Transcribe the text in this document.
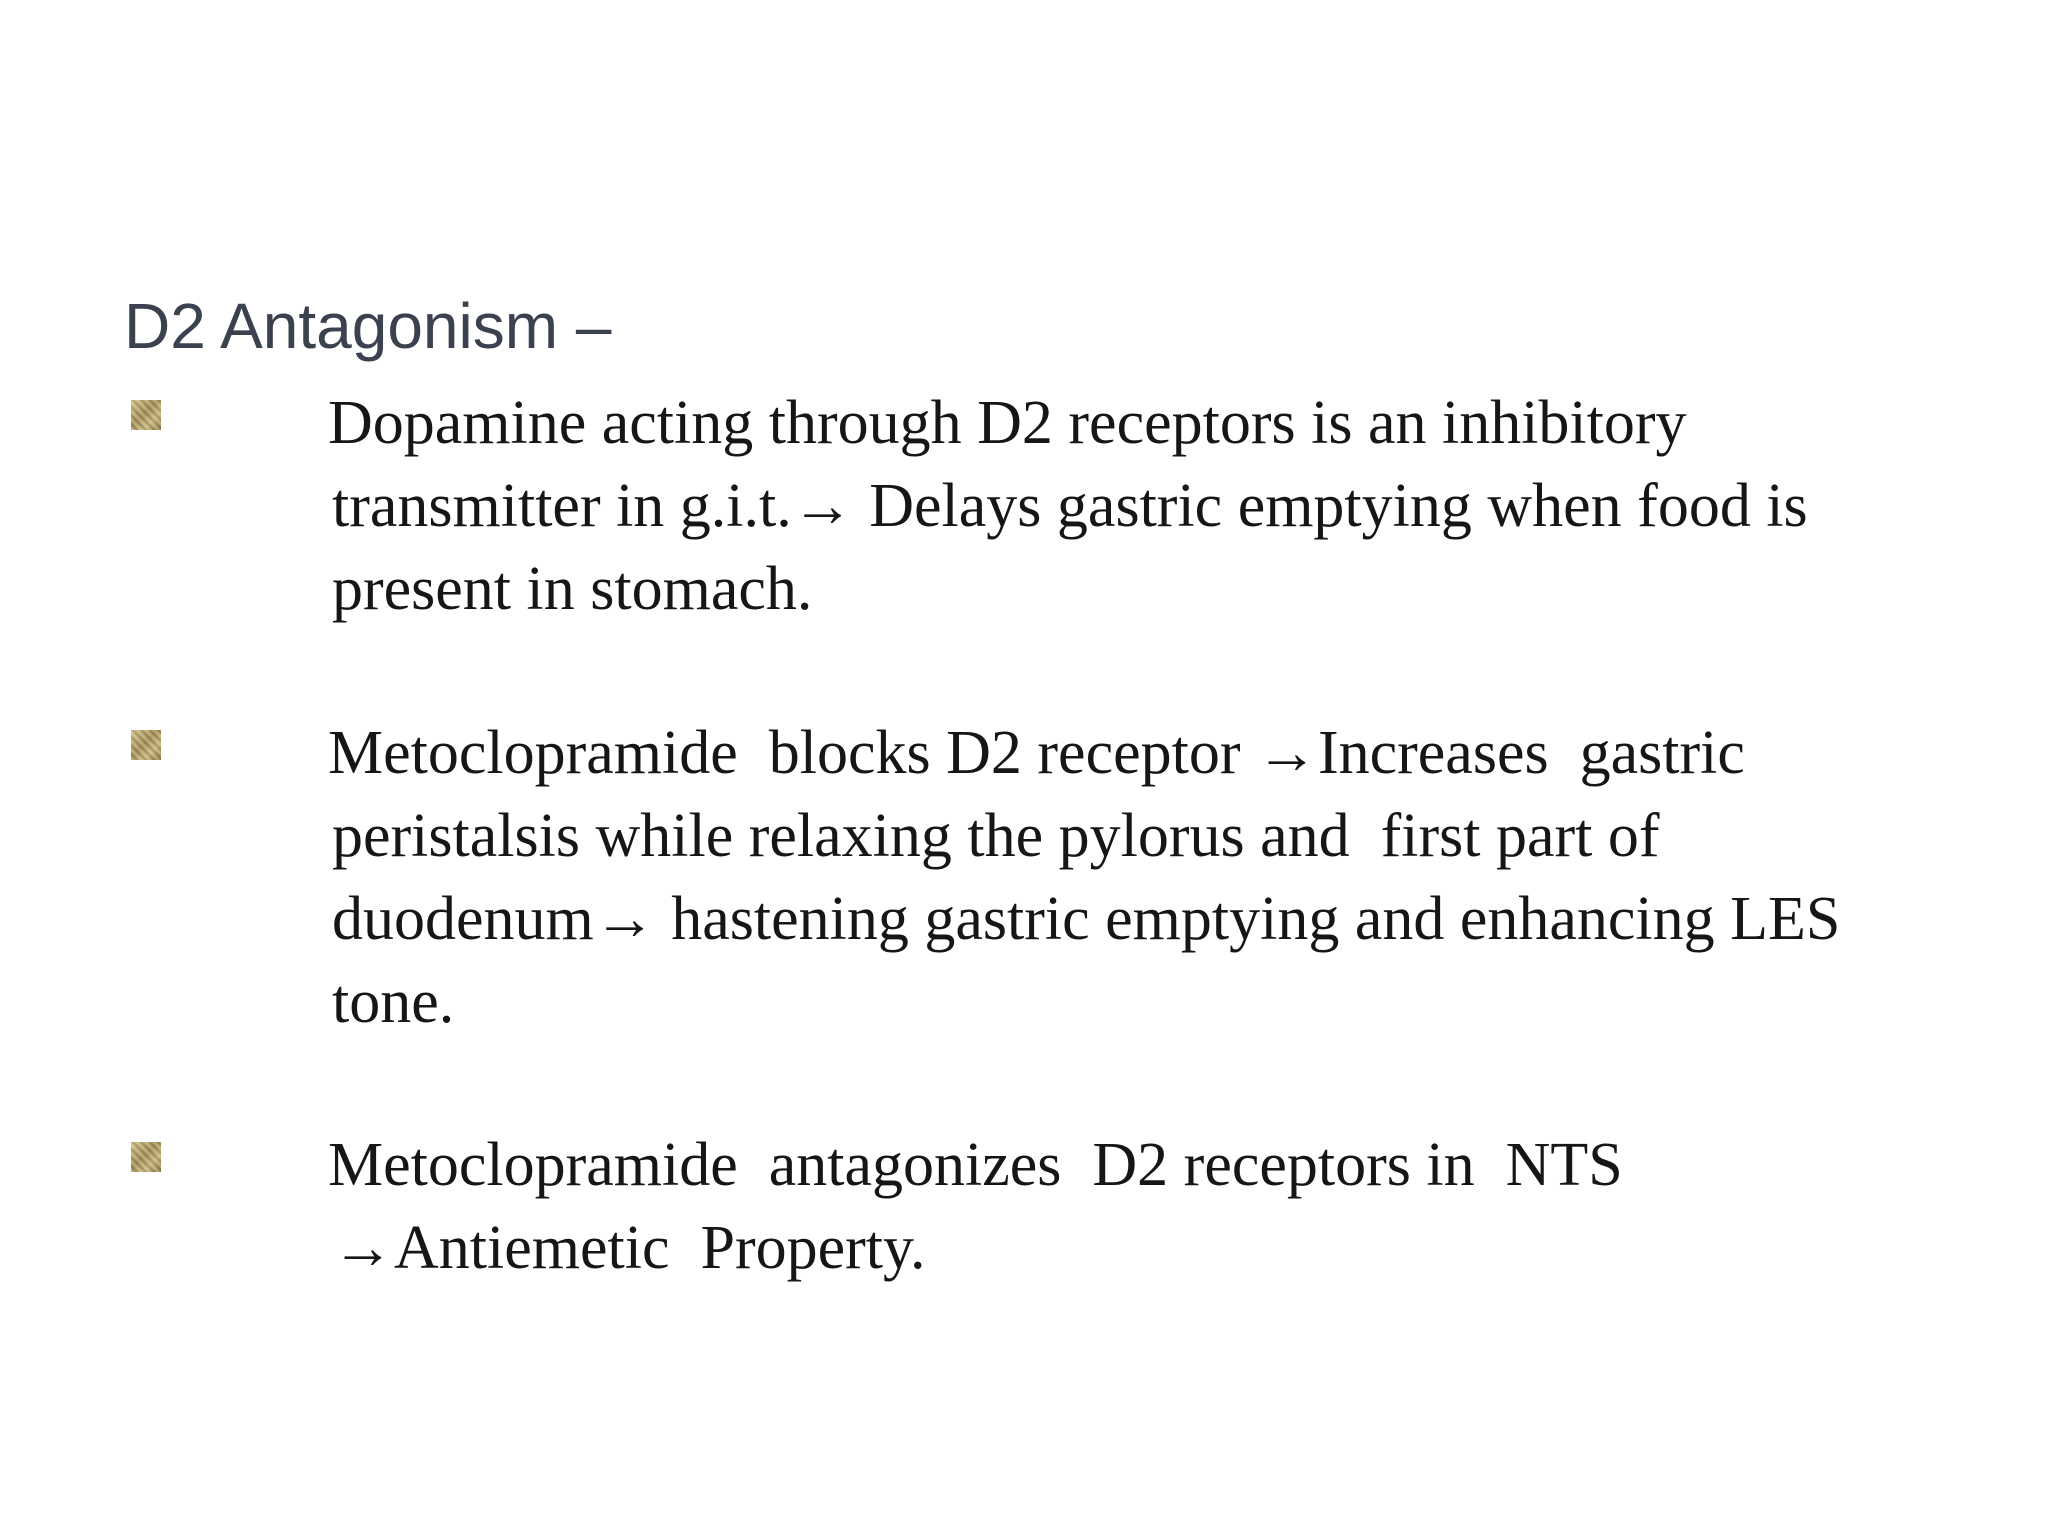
D2 Antagonism –
Dopamine acting through D2 receptors is an inhibitory
transmitter in g.i.t.→ Delays gastric emptying when food is
present in stomach.
Metoclopramide  blocks D2 receptor →Increases  gastric
peristalsis while relaxing the pylorus and  first part of
duodenum→ hastening gastric emptying and enhancing LES
tone.
Metoclopramide  antagonizes  D2 receptors in  NTS
→Antiemetic  Property.
